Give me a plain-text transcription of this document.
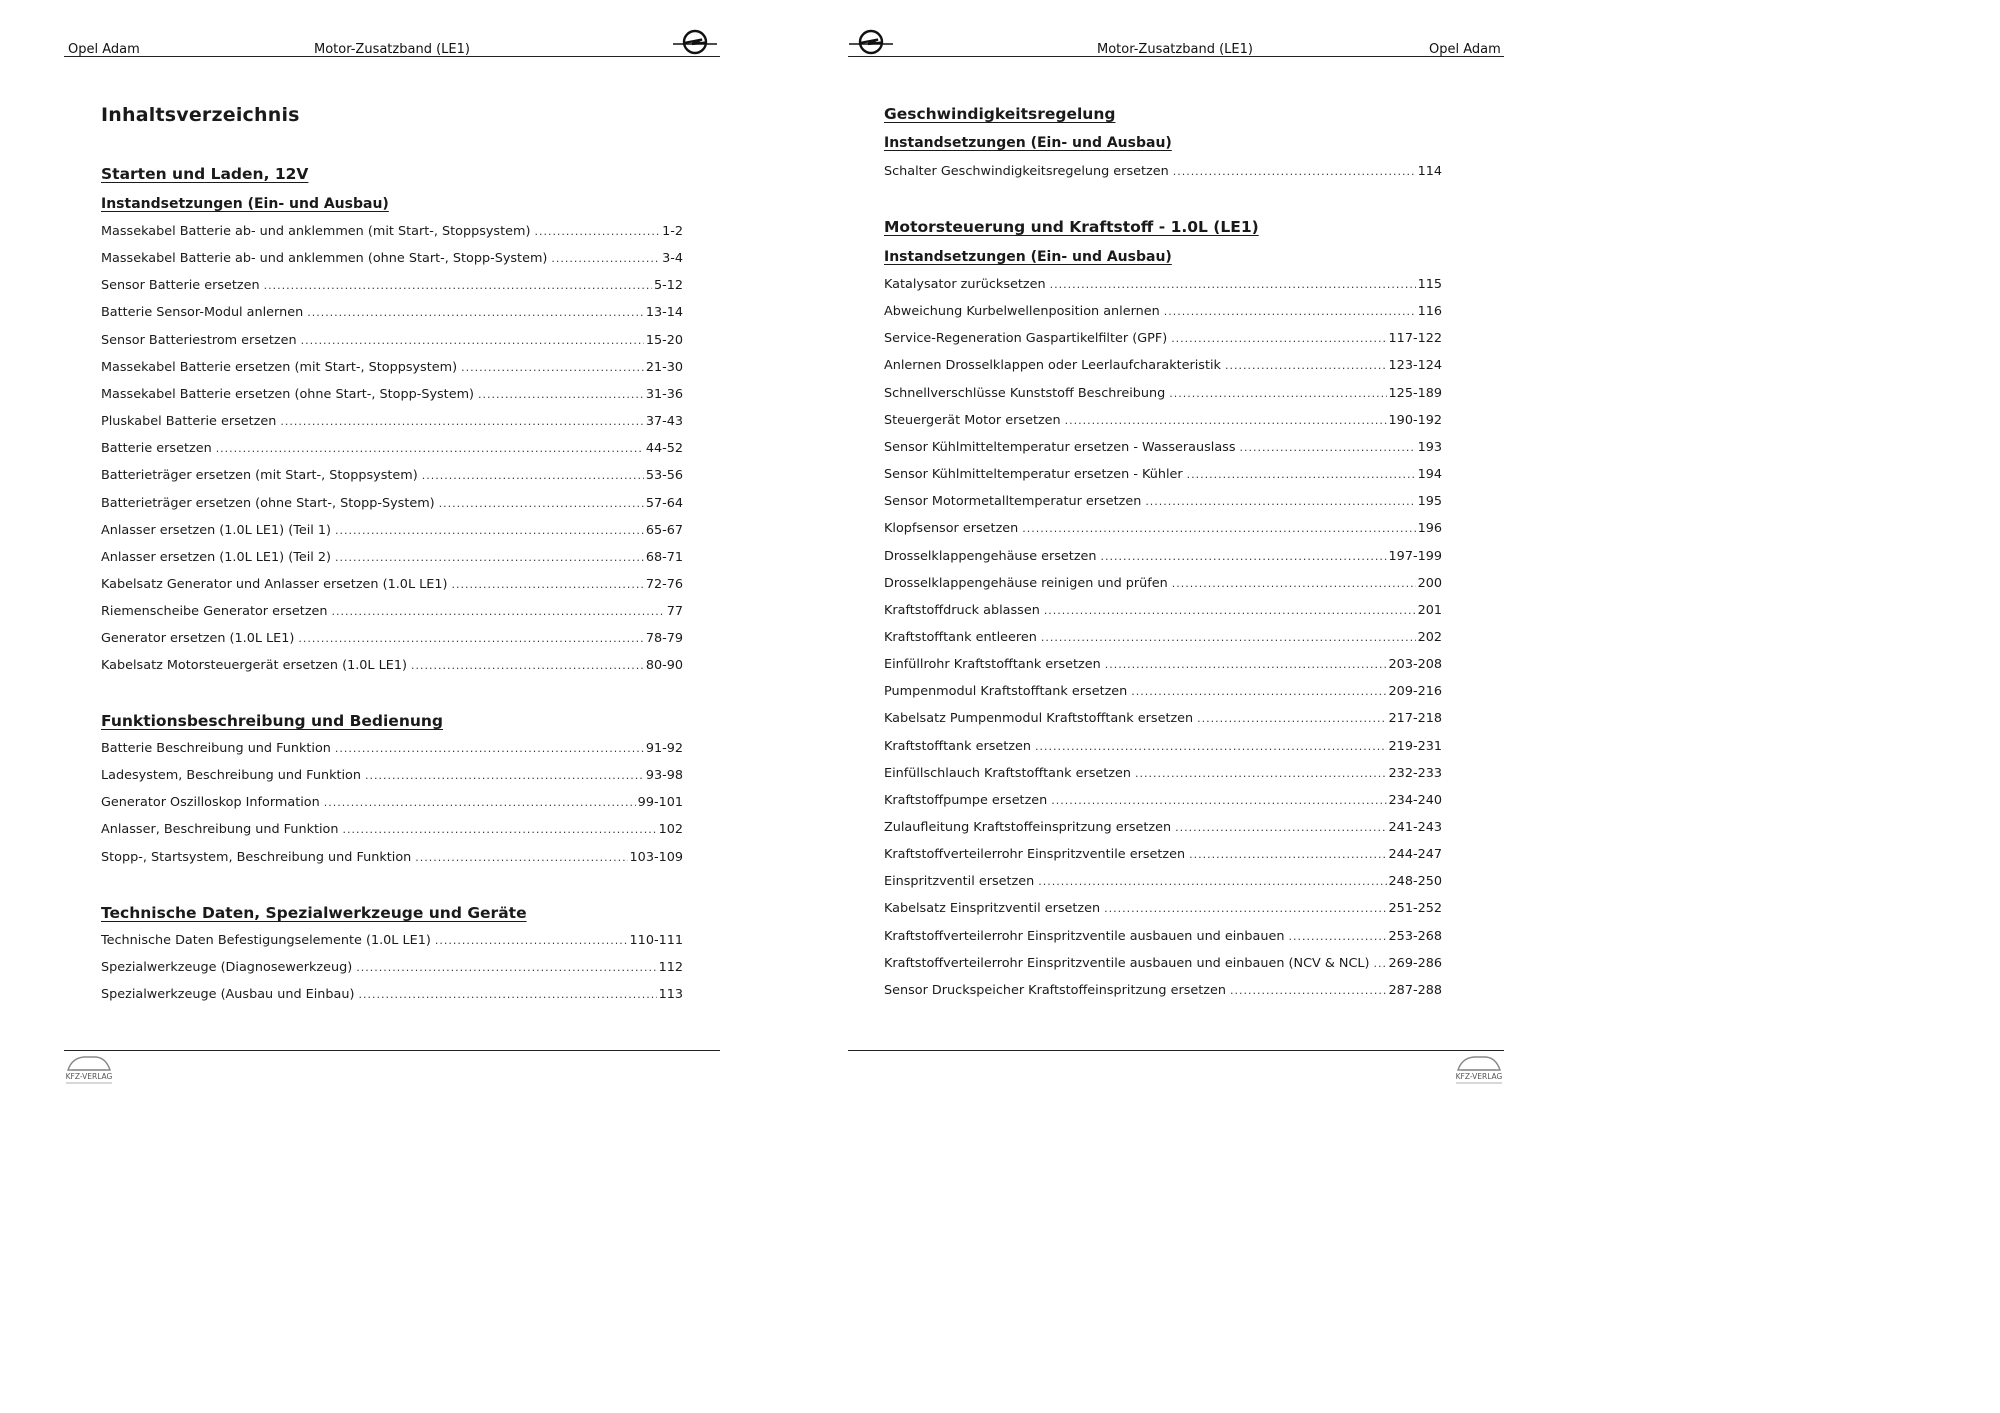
Opel Adam	Motor-Zusatzband (LE1)
Inhaltsverzeichnis
Starten und Laden, 12V
Instandsetzungen (Ein- und Ausbau)
Massekabel Batterie ab- und anklemmen (mit Start-, Stoppsystem) .....	1-2
Massekabel Batterie ab- und anklemmen (ohne Start-, Stopp-System) .....	3-4
Sensor Batterie ersetzen .....	5-12
Batterie Sensor-Modul anlernen .....	13-14
Sensor Batteriestrom ersetzen .....	15-20
Massekabel Batterie ersetzen (mit Start-, Stoppsystem) .....	21-30
Massekabel Batterie ersetzen (ohne Start-, Stopp-System) .....	31-36
Pluskabel Batterie ersetzen .....	37-43
Batterie ersetzen .....	44-52
Batterieträger ersetzen (mit Start-, Stoppsystem) .....	53-56
Batterieträger ersetzen (ohne Start-, Stopp-System) .....	57-64
Anlasser ersetzen (1.0L LE1) (Teil 1) .....	65-67
Anlasser ersetzen (1.0L LE1) (Teil 2) .....	68-71
Kabelsatz Generator und Anlasser ersetzen (1.0L LE1) .....	72-76
Riemenscheibe Generator ersetzen .....	77
Generator ersetzen (1.0L LE1) .....	78-79
Kabelsatz Motorsteuergerät ersetzen (1.0L LE1) .....	80-90
Funktionsbeschreibung und Bedienung
Batterie Beschreibung und Funktion .....	91-92
Ladesystem, Beschreibung und Funktion .....	93-98
Generator Oszilloskop Information .....	99-101
Anlasser, Beschreibung und Funktion .....	102
Stopp-, Startsystem, Beschreibung und Funktion .....	103-109
Technische Daten, Spezialwerkzeuge und Geräte
Technische Daten Befestigungselemente (1.0L LE1) .....	110-111
Spezialwerkzeuge (Diagnosewerkzeug) .....	112
Spezialwerkzeuge (Ausbau und Einbau) .....	113
KFZ-VERLAG
Motor-Zusatzband (LE1)	Opel Adam
Geschwindigkeitsregelung
Instandsetzungen (Ein- und Ausbau)
Schalter Geschwindigkeitsregelung ersetzen .....	114
Motorsteuerung und Kraftstoff - 1.0L (LE1)
Instandsetzungen (Ein- und Ausbau)
Katalysator zurücksetzen .....	115
Abweichung Kurbelwellenposition anlernen .....	116
Service-Regeneration Gaspartikelfilter (GPF) .....	117-122
Anlernen Drosselklappen oder Leerlaufcharakteristik .....	123-124
Schnellverschlüsse Kunststoff Beschreibung .....	125-189
Steuergerät Motor ersetzen .....	190-192
Sensor Kühlmitteltemperatur ersetzen - Wasserauslass .....	193
Sensor Kühlmitteltemperatur ersetzen - Kühler .....	194
Sensor Motormetalltemperatur ersetzen .....	195
Klopfsensor ersetzen .....	196
Drosselklappengehäuse ersetzen .....	197-199
Drosselklappengehäuse reinigen und prüfen .....	200
Kraftstoffdruck ablassen .....	201
Kraftstofftank entleeren .....	202
Einfüllrohr Kraftstofftank ersetzen .....	203-208
Pumpenmodul Kraftstofftank ersetzen .....	209-216
Kabelsatz Pumpenmodul Kraftstofftank ersetzen .....	217-218
Kraftstofftank ersetzen .....	219-231
Einfüllschlauch Kraftstofftank ersetzen .....	232-233
Kraftstoffpumpe ersetzen .....	234-240
Zulaufleitung Kraftstoffeinspritzung ersetzen .....	241-243
Kraftstoffverteilerrohr Einspritzventile ersetzen .....	244-247
Einspritzventil ersetzen .....	248-250
Kabelsatz Einspritzventil ersetzen .....	251-252
Kraftstoffverteilerrohr Einspritzventile ausbauen und einbauen .....	253-268
Kraftstoffverteilerrohr Einspritzventile ausbauen und einbauen (NCV & NCL) ..... 269-286
Sensor Druckspeicher Kraftstoffeinspritzung ersetzen .....	287-288
KFZ-VERLAG
